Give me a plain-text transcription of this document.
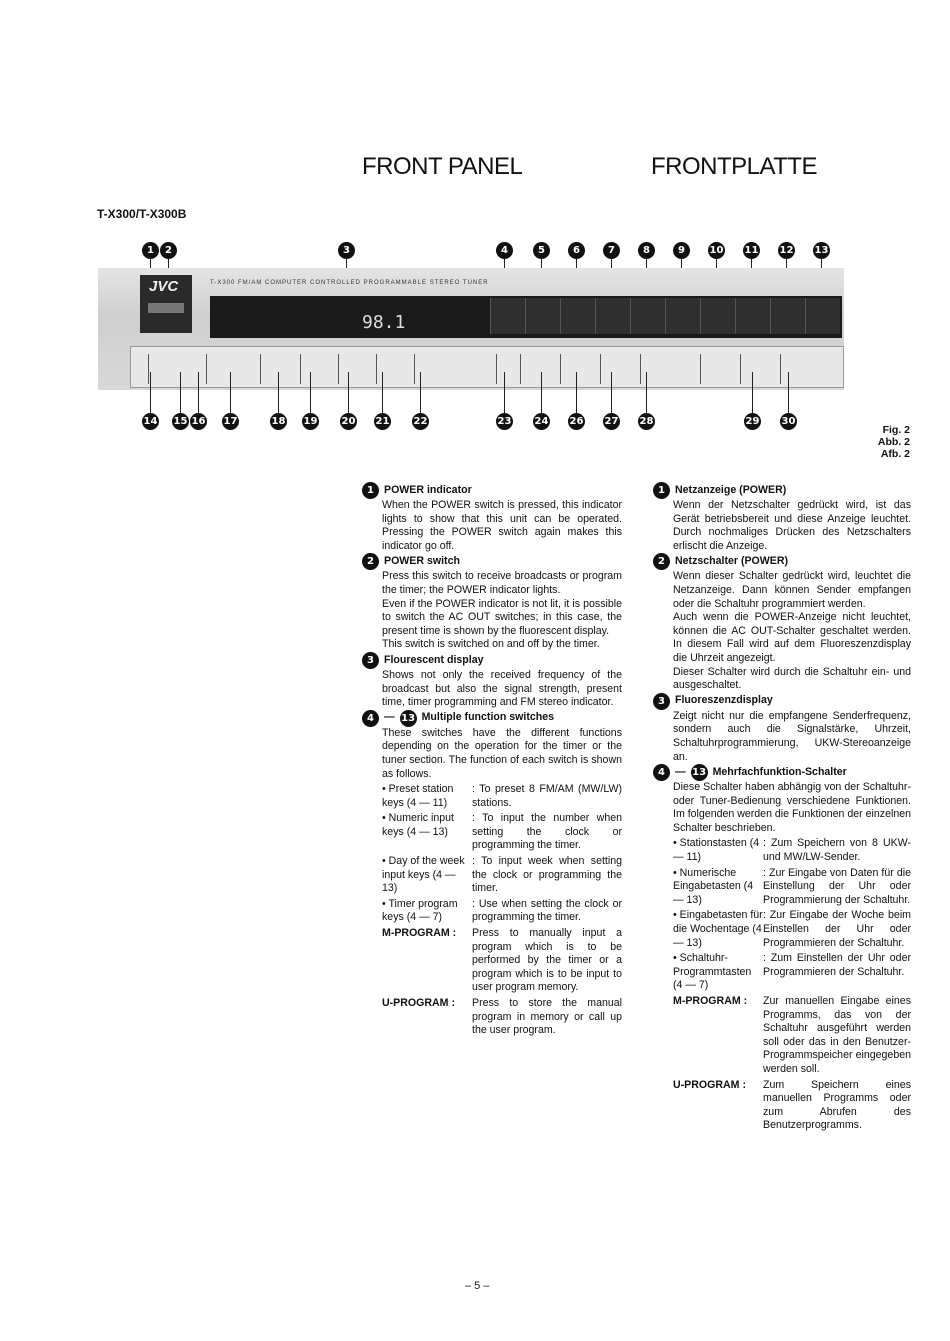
FRONT PANEL	FRONTPLATTE
T-X300/T-X300B
1	2	3	4	5	6	7	8	9	10 11 12 13
JVC	T-X300 FM/AM COMPUTER CONTROLLED PROGRAMMABLE STEREO TUNER
98.1
14 15 16 17	18 19 20 21 22	23 24 26 27 28	29 30
Fig. 2
Abb. 2
Afb. 2
1 POWER indicator

When the POWER switch is pressed, this indicator lights to show that this unit can be operated. Pressing the POWER switch again makes this indicator go off.

2 POWER switch

Press this switch to receive broadcasts or program the timer; the POWER indicator lights.

Even if the POWER indicator is not lit, it is possible to switch the AC OUT switches; in this case, the present time is shown by the fluorescent display.

This switch is switched on and off by the timer.

3 Flourescent display

Shows not only the received frequency of the broadcast but also the signal strength, present time, timer programming and FM stereo indicator.

4 — 13 Multiple function switches

These switches have the different functions depending on the operation for the timer or the tuner section. The function of each switch is shown as follows.

• Preset station keys (4 — 11)
: To preset 8 FM/AM (MW/LW) stations.
• Numeric input keys (4 — 13)
: To input the number when setting the clock or programming the timer.
• Day of the week input keys (4 — 13)
: To input week when setting the clock or programming the timer.
• Timer program keys (4 — 7)
: Use when setting the clock or programming the timer.
M-PROGRAM :	Press to manually input a program which is to be performed by the timer or a program which is to be input to user program memory.
U-PROGRAM :	Press to store the manual program in memory or call up the user program.
1 Netzanzeige (POWER)

Wenn der Netzschalter gedrückt wird, ist das Gerät betriebsbereit und diese Anzeige leuchtet. Durch nochmaliges Drücken des Netzschalters erlischt die Anzeige.

2 Netzschalter (POWER)

Wenn dieser Schalter gedrückt wird, leuchtet die Netzanzeige. Dann können Sender empfangen oder die Schaltuhr programmiert werden.

Auch wenn die POWER-Anzeige nicht leuchtet, können die AC OUT-Schalter geschaltet werden. In diesem Fall wird auf dem Fluoreszenzdisplay die Uhrzeit angezeigt.

Dieser Schalter wird durch die Schaltuhr ein- und ausgeschaltet.

3 Fluoreszenzdisplay

Zeigt nicht nur die empfangene Senderfrequenz, sondern auch die Signalstärke, Uhrzeit, Schaltuhrprogrammierung, UKW-Stereoanzeige an.

4 — 13 Mehrfachfunktion-Schalter

Diese Schalter haben abhängig von der Schaltuhr- oder Tuner-Bedienung verschiedene Funktionen. Im folgenden werden die Funktionen der einzelnen Schalter beschrieben.

• Stationstasten (4 — 11)
: Zum Speichern von 8 UKW- und MW/LW-Sender.
• Numerische Eingabetasten (4 — 13)
: Zur Eingabe von Daten für die Einstellung der Uhr oder Programmierung der Schaltuhr.
• Eingabetasten für die Wochentage (4 — 13)
: Zur Eingabe der Woche beim Einstellen der Uhr oder Programmieren der Schaltuhr.
• Schaltuhr-Programmtasten (4 — 7)
: Zum Einstellen der Uhr oder Programmieren der Schaltuhr.
M-PROGRAM :	Zur manuellen Eingabe eines Programms, das von der Schaltuhr ausgeführt werden soll oder das in den Benutzer-Programmspeicher eingegeben werden soll.
U-PROGRAM :	Zum Speichern eines manuellen Programms oder zum Abrufen des Benutzerprogramms.
– 5 –
